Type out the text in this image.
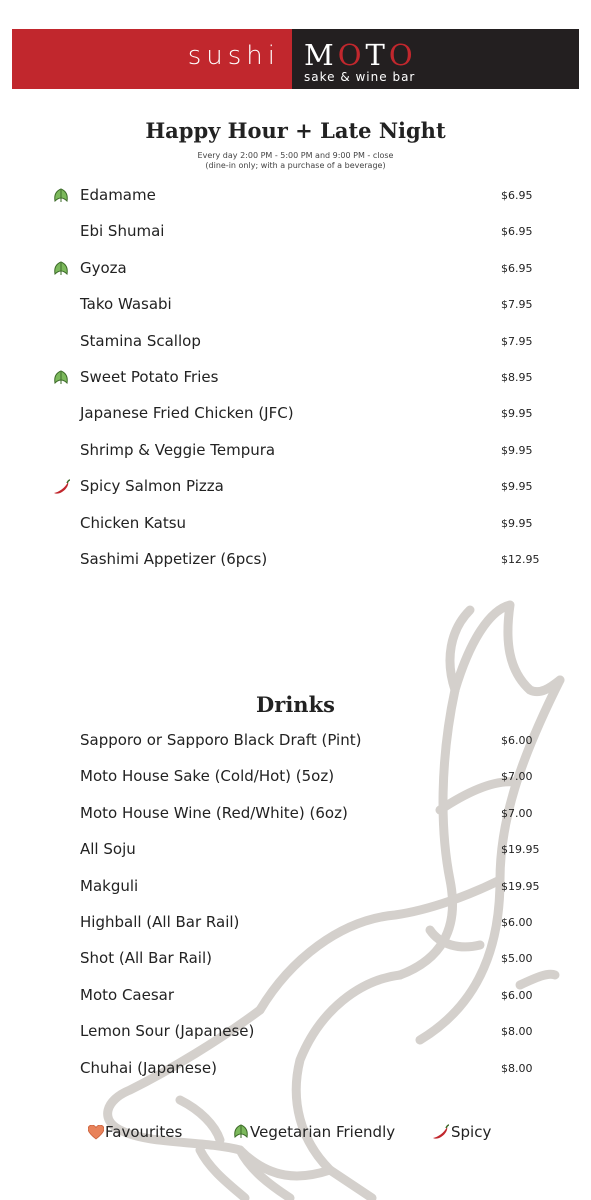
sushi MOTO
sake & wine bar
Happy Hour + Late Night
Every day 2:00 PM - 5:00 PM and 9:00 PM - close
(dine-in only; with a purchase of a beverage)
Edamame	$6.95
Ebi Shumai	$6.95
Gyoza	$6.95
Tako Wasabi	$7.95
Stamina Scallop	$7.95
Sweet Potato Fries	$8.95
Japanese Fried Chicken (JFC)	$9.95
Shrimp & Veggie Tempura	$9.95
Spicy Salmon Pizza	$9.95
Chicken Katsu	$9.95
Sashimi Appetizer (6pcs)	$12.95
Drinks
Sapporo or Sapporo Black Draft (Pint)	$6.00
Moto House Sake (Cold/Hot) (5oz)	$7.00
Moto House Wine (Red/White) (6oz)	$7.00
All Soju	$19.95
Makguli	$19.95
Highball (All Bar Rail)	$6.00
Shot (All Bar Rail)	$5.00
Moto Caesar	$6.00
Lemon Sour (Japanese)	$8.00
Chuhai (Japanese)	$8.00
Favourites	Vegetarian Friendly	Spicy
